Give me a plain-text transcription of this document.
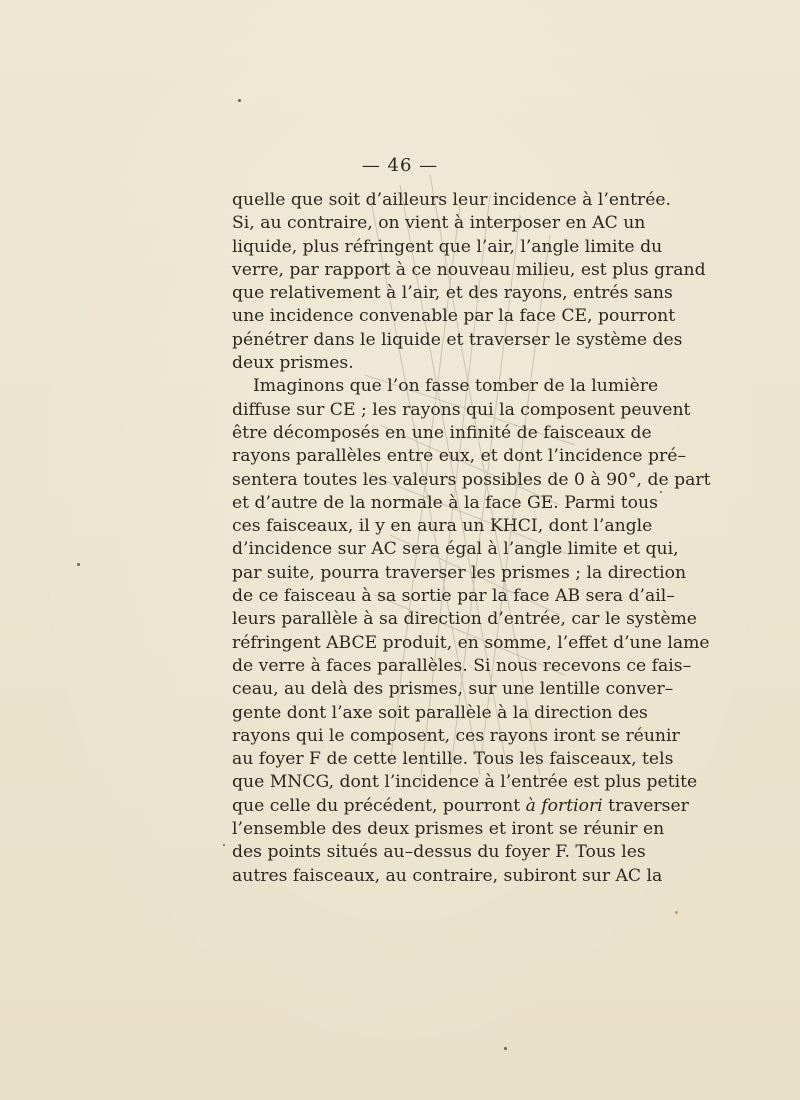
— 46 —
quelle que soit d’ailleurs leur incidence à l’entrée.
Si, au contraire, on vient à interposer en AC un
liquide, plus réfringent que l’air, l’angle limite du
verre, par rapport à ce nouveau milieu, est plus grand
que relativement à l’air, et des rayons, entrés sans
une incidence convenable par la face CE, pourront
pénétrer dans le liquide et traverser le système des
deux prismes.
Imaginons que l’on fasse tomber de la lumière
diffuse sur CE ; les rayons qui la composent peuvent
être décomposés en une infinité de faisceaux de
rayons parallèles entre eux, et dont l’incidence pré–
sentera toutes les valeurs possibles de 0 à 90°, de part
et d’autre de la normale à la face GE. Parmi tous
ces faisceaux, il y en aura un KHCI, dont l’angle
d’incidence sur AC sera égal à l’angle limite et qui,
par suite, pourra traverser les prismes ; la direction
de ce faisceau à sa sortie par la face AB sera d’ail–
leurs parallèle à sa direction d’entrée, car le système
réfringent ABCE produit, en somme, l’effet d’une lame
de verre à faces parallèles. Si nous recevons ce fais–
ceau, au delà des prismes, sur une lentille conver–
gente dont l’axe soit parallèle à la direction des
rayons qui le composent, ces rayons iront se réunir
au foyer F de cette lentille. Tous les faisceaux, tels
que MNCG, dont l’incidence à l’entrée est plus petite
que celle du précédent, pourront à fortiori traverser
l’ensemble des deux prismes et iront se réunir en
des points situés au–dessus du foyer F. Tous les
autres faisceaux, au contraire, subiront sur AC la
